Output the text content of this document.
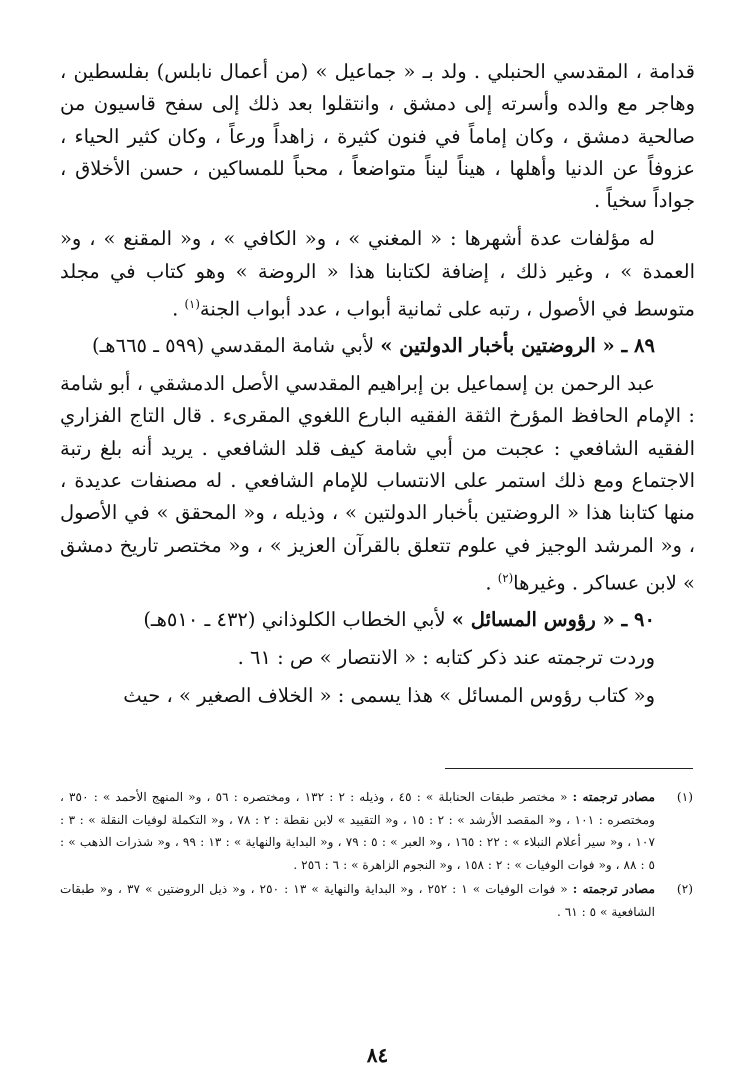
قدامة ، المقدسي الحنبلي . ولد بـ « جماعيل » (من أعمال نابلس) بفلسطين ، وهاجر مع والده وأسرته إلى دمشق ، وانتقلوا بعد ذلك إلى سفح قاسيون من صالحية دمشق ، وكان إماماً في فنون كثيرة ، زاهداً ورعاً ، وكان كثير الحياء ، عزوفاً عن الدنيا وأهلها ، هيناً ليناً متواضعاً ، محباً للمساكين ، حسن الأخلاق ، جواداً سخياً .

له مؤلفات عدة أشهرها : « المغني » ، و« الكافي » ، و« المقنع » ، و« العمدة » ، وغير ذلك ، إضافة لكتابنا هذا « الروضة » وهو كتاب في مجلد متوسط في الأصول ، رتبه على ثمانية أبواب ، عدد أبواب الجنة$^{(١)}$ .

٨٩ ـ « الروضتين بأخبار الدولتين » لأبي شامة المقدسي (٥٩٩ ـ ٦٦٥هـ)

عبد الرحمن بن إسماعيل بن إبراهيم المقدسي الأصل الدمشقي ، أبو شامة : الإمام الحافظ المؤرخ الثقة الفقيه البارع اللغوي المقرىء . قال التاج الفزاري الفقيه الشافعي : عجبت من أبي شامة كيف قلد الشافعي . يريد أنه بلغ رتبة الاجتماع ومع ذلك استمر على الانتساب للإمام الشافعي . له مصنفات عديدة ، منها كتابنا هذا « الروضتين بأخبار الدولتين » ، وذيله ، و« المحقق » في الأصول ، و« المرشد الوجيز في علوم تتعلق بالقرآن العزيز » ، و« مختصر تاريخ دمشق » لابن عساكر . وغيرها$^{(٢)}$ .

٩٠ ـ « رؤوس المسائل » لأبي الخطاب الكلوذاني (٤٣٢ ـ ٥١٠هـ)

وردت ترجمته عند ذكر كتابه : « الانتصار » ص : ٦١ .

و« كتاب رؤوس المسائل » هذا يسمى : « الخلاف الصغير » ، حيث

(١)
مصادر ترجمته : « مختصر طبقات الحنابلة » : ٤٥ ، وذيله : ٢ : ١٣٢ ، ومختصره : ٥٦ ، و« المنهج الأحمد » : ٣٥٠ ، ومختصره : ١٠١ ، و« المقصد الأرشد » : ٢ : ١٥ ، و« التقييد » لابن نقطة : ٢ : ٧٨ ، و« التكملة لوفيات النقلة » : ٣ : ١٠٧ ، و« سير أعلام النبلاء » : ٢٢ : ١٦٥ ، و« العبر » : ٥ : ٧٩ ، و« البداية والنهاية » : ١٣ : ٩٩ ، و« شذرات الذهب » : ٥ : ٨٨ ، و« فوات الوفيات » : ٢ : ١٥٨ ، و« النجوم الزاهرة » : ٦ : ٢٥٦ .
(٢)
مصادر ترجمته : « فوات الوفيات » ١ : ٢٥٢ ، و« البداية والنهاية » ١٣ : ٢٥٠ ، و« ذيل الروضتين » ٣٧ ، و« طبقات الشافعية » ٥ : ٦١ .
٨٤
